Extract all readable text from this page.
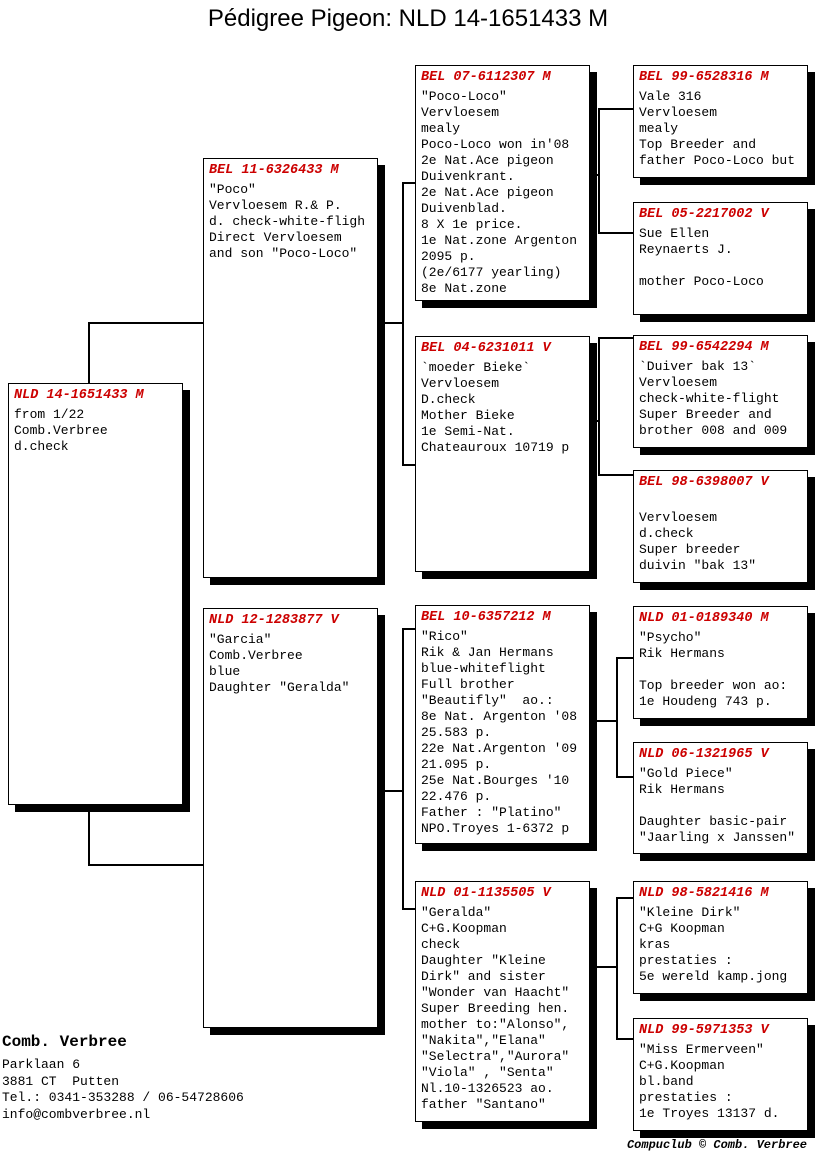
Pédigree Pigeon: NLD 14-1651433 M
NLD 14-1651433 M
from 1/22
Comb.Verbree
d.check
BEL 11-6326433 M
"Poco"
Vervloesem R.& P.
d. check-white-fligh
Direct Vervloesem
and son "Poco-Loco"
NLD 12-1283877 V
"Garcia"
Comb.Verbree
blue
Daughter "Geralda"
BEL 07-6112307 M
"Poco-Loco"
Vervloesem
mealy
Poco-Loco won in'08
2e Nat.Ace pigeon
Duivenkrant.
2e Nat.Ace pigeon
Duivenblad.
8 X 1e price.
1e Nat.zone Argenton
2095 p.
(2e/6177 yearling)
8e Nat.zone
BEL 04-6231011 V
`moeder Bieke`
Vervloesem
D.check
Mother Bieke
1e Semi-Nat.
Chateauroux 10719 p
BEL 10-6357212 M
"Rico"
Rik & Jan Hermans
blue-whiteflight
Full brother
"Beautifly"  ao.:
8e Nat. Argenton '08
25.583 p.
22e Nat.Argenton '09
21.095 p.
25e Nat.Bourges '10
22.476 p.
Father : "Platino"
NPO.Troyes 1-6372 p
NLD 01-1135505 V
"Geralda"
C+G.Koopman
check
Daughter "Kleine
Dirk" and sister
"Wonder van Haacht"
Super Breeding hen.
mother to:"Alonso",
"Nakita","Elana"
"Selectra","Aurora"
"Viola" , "Senta"
Nl.10-1326523 ao.
father "Santano"
BEL 99-6528316 M
Vale 316
Vervloesem
mealy
Top Breeder and
father Poco-Loco but
BEL 05-2217002 V
Sue Ellen
Reynaerts J.

mother Poco-Loco
BEL 99-6542294 M
`Duiver bak 13`
Vervloesem
check-white-flight
Super Breeder and
brother 008 and 009
BEL 98-6398007 V

Vervloesem
d.check
Super breeder
duivin "bak 13"
NLD 01-0189340 M
"Psycho"
Rik Hermans

Top breeder won ao:
1e Houdeng 743 p.
NLD 06-1321965 V
"Gold Piece"
Rik Hermans

Daughter basic-pair
"Jaarling x Janssen"
NLD 98-5821416 M
"Kleine Dirk"
C+G Koopman
kras
prestaties :
5e wereld kamp.jong
NLD 99-5971353 V
"Miss Ermerveen"
C+G.Koopman
bl.band
prestaties :
1e Troyes 13137 d.
Comb. Verbree
Parklaan 6
3881 CT  Putten
Tel.: 0341-353288 / 06-54728606
info@combverbree.nl
Compuclub © Comb. Verbree
